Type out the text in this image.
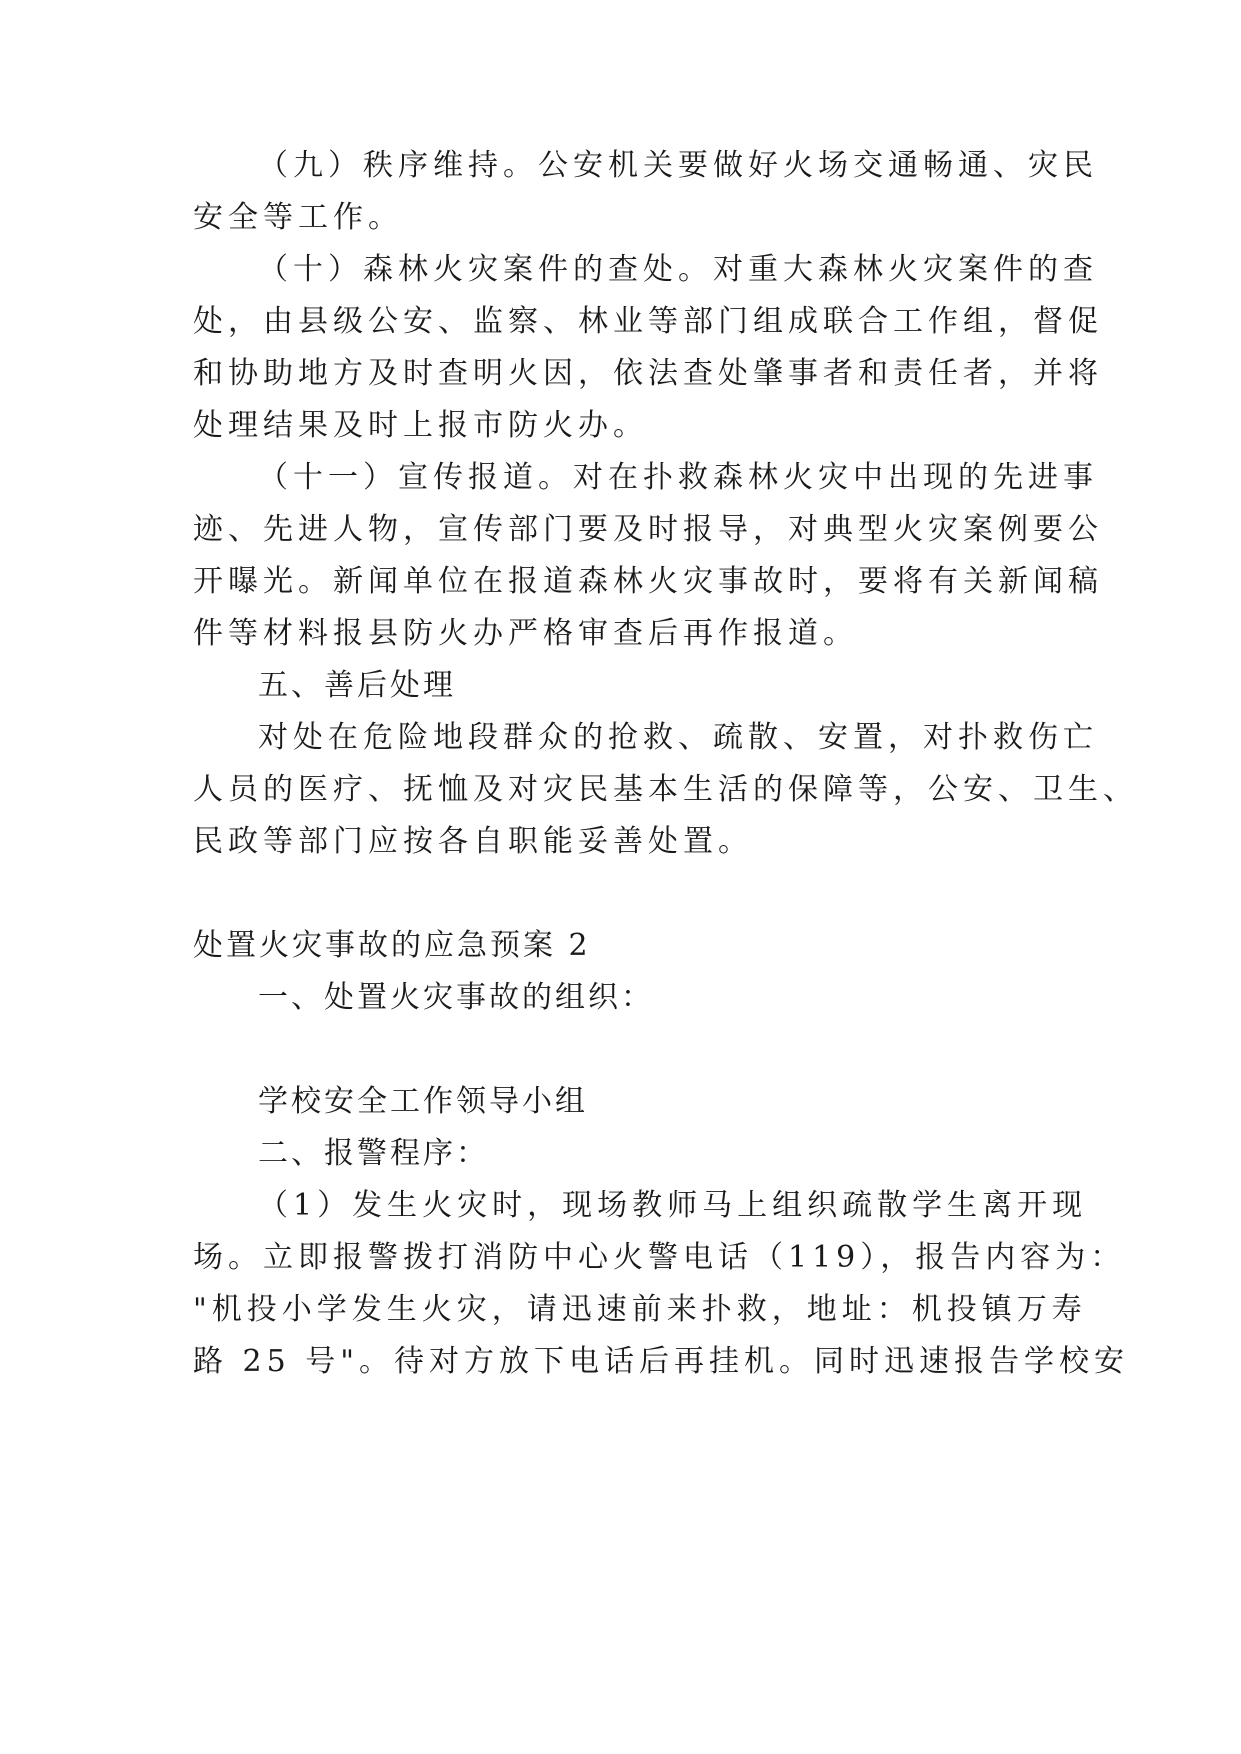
（九）秩序维持。公安机关要做好火场交通畅通、灾民
安全等工作。
（十）森林火灾案件的查处。对重大森林火灾案件的查
处，由县级公安、监察、林业等部门组成联合工作组，督促
和协助地方及时查明火因，依法查处肇事者和责任者，并将
处理结果及时上报市防火办。
（十一）宣传报道。对在扑救森林火灾中出现的先进事
迹、先进人物，宣传部门要及时报导，对典型火灾案例要公
开曝光。新闻单位在报道森林火灾事故时，要将有关新闻稿
件等材料报县防火办严格审查后再作报道。
五、善后处理
对处在危险地段群众的抢救、疏散、安置，对扑救伤亡
人员的医疗、抚恤及对灾民基本生活的保障等，公安、卫生、
民政等部门应按各自职能妥善处置。
处置火灾事故的应急预案 2
一、处置火灾事故的组织：
学校安全工作领导小组
二、报警程序：
（1）发生火灾时，现场教师马上组织疏散学生离开现
场。立即报警拨打消防中心火警电话（119），报告内容为：
"机投小学发生火灾，请迅速前来扑救，地址：机投镇万寿
路 25 号"。待对方放下电话后再挂机。同时迅速报告学校安
